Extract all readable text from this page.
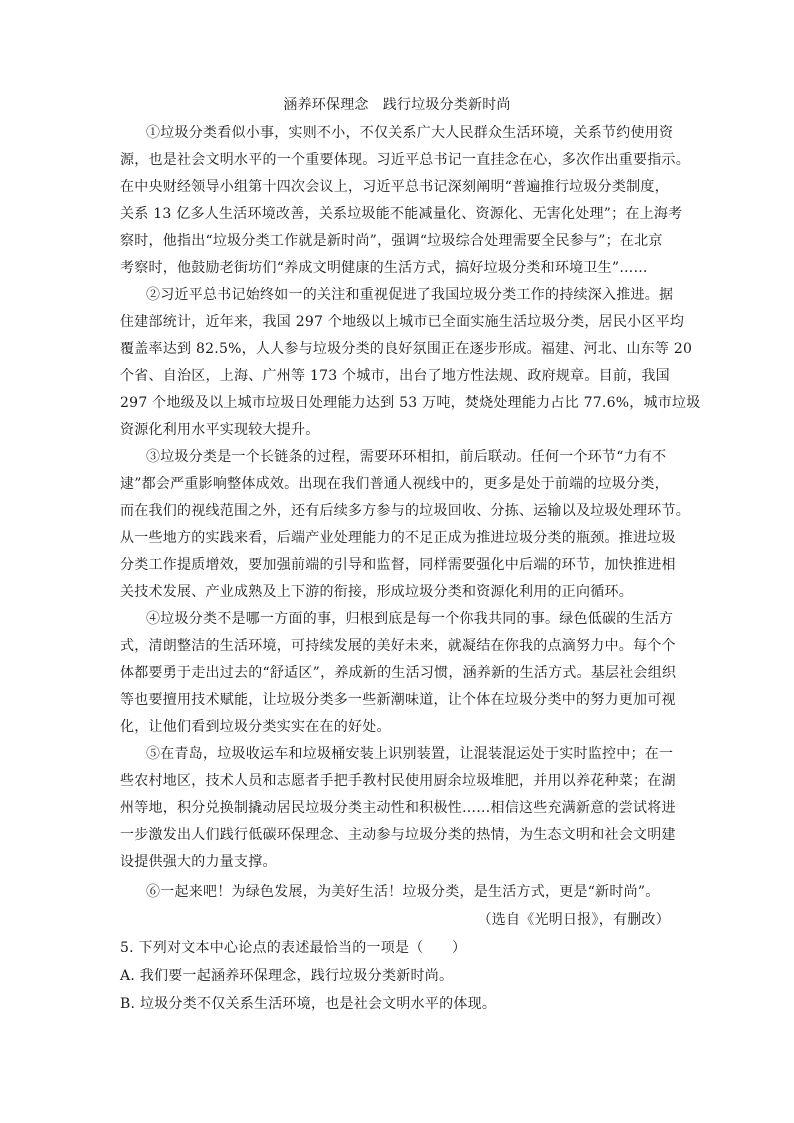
涵养环保理念　践行垃圾分类新时尚
①垃圾分类看似小事，实则不小，不仅关系广大人民群众生活环境，关系节约使用资
源，也是社会文明水平的一个重要体现。习近平总书记一直挂念在心，多次作出重要指示。
在中央财经领导小组第十四次会议上，习近平总书记深刻阐明“普遍推行垃圾分类制度，
关系 13 亿多人生活环境改善，关系垃圾能不能减量化、资源化、无害化处理”；在上海考
察时，他指出“垃圾分类工作就是新时尚”，强调“垃圾综合处理需要全民参与”；在北京
考察时，他鼓励老街坊们“养成文明健康的生活方式，搞好垃圾分类和环境卫生”……
②习近平总书记始终如一的关注和重视促进了我国垃圾分类工作的持续深入推进。据
住建部统计，近年来，我国 297 个地级以上城市已全面实施生活垃圾分类，居民小区平均
覆盖率达到 82.5%，人人参与垃圾分类的良好氛围正在逐步形成。福建、河北、山东等 20
个省、自治区，上海、广州等 173 个城市，出台了地方性法规、政府规章。目前，我国
297 个地级及以上城市垃圾日处理能力达到 53 万吨，焚烧处理能力占比 77.6%，城市垃圾
资源化利用水平实现较大提升。
③垃圾分类是一个长链条的过程，需要环环相扣，前后联动。任何一个环节“力有不
逮”都会严重影响整体成效。出现在我们普通人视线中的，更多是处于前端的垃圾分类，
而在我们的视线范围之外，还有后续多方参与的垃圾回收、分拣、运输以及垃圾处理环节。
从一些地方的实践来看，后端产业处理能力的不足正成为推进垃圾分类的瓶颈。推进垃圾
分类工作提质增效，要加强前端的引导和监督，同样需要强化中后端的环节，加快推进相
关技术发展、产业成熟及上下游的衔接，形成垃圾分类和资源化利用的正向循环。
④垃圾分类不是哪一方面的事，归根到底是每一个你我共同的事。绿色低碳的生活方
式，清朗整洁的生活环境，可持续发展的美好未来，就凝结在你我的点滴努力中。每个个
体都要勇于走出过去的“舒适区”，养成新的生活习惯，涵养新的生活方式。基层社会组织
等也要擅用技术赋能，让垃圾分类多一些新潮味道，让个体在垃圾分类中的努力更加可视
化，让他们看到垃圾分类实实在在的好处。
⑤在青岛，垃圾收运车和垃圾桶安装上识别装置，让混装混运处于实时监控中；在一
些农村地区，技术人员和志愿者手把手教村民使用厨余垃圾堆肥，并用以养花种菜；在湖
州等地，积分兑换制撬动居民垃圾分类主动性和积极性……相信这些充满新意的尝试将进
一步激发出人们践行低碳环保理念、主动参与垃圾分类的热情，为生态文明和社会文明建
设提供强大的力量支撑。
⑥一起来吧！为绿色发展，为美好生活！垃圾分类，是生活方式，更是“新时尚”。
（选自《光明日报》，有删改）
5. 下列对文本中心论点的表述最恰当的一项是（　　）
A. 我们要一起涵养环保理念，践行垃圾分类新时尚。
B. 垃圾分类不仅关系生活环境，也是社会文明水平的体现。
